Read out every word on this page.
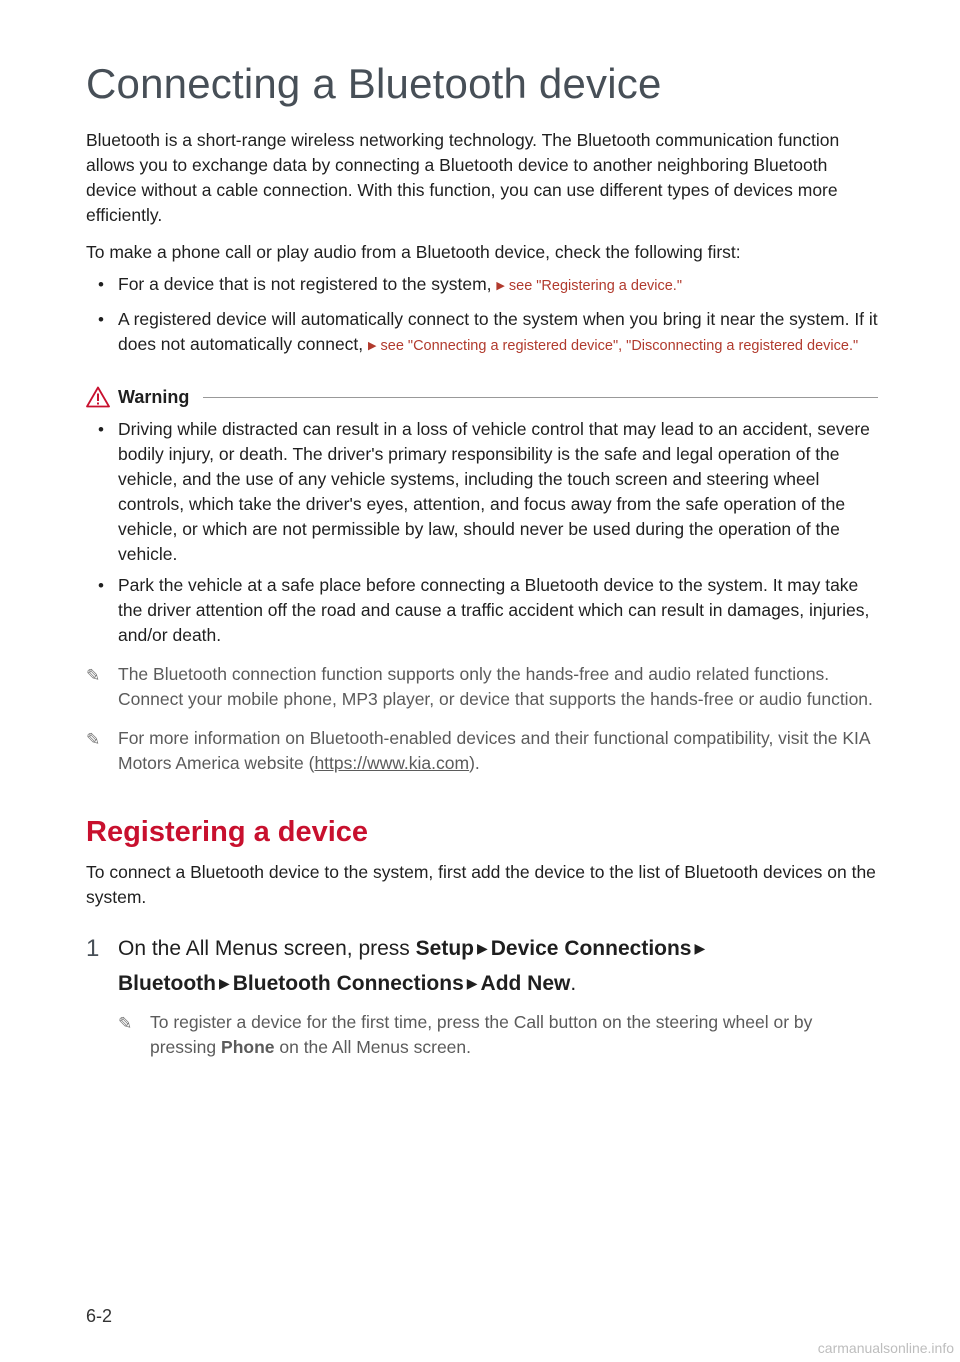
Connecting a Bluetooth device

Bluetooth is a short-range wireless networking technology. The Bluetooth communication function allows you to exchange data by connecting a Bluetooth device to another neighboring Bluetooth device without a cable connection. With this function, you can use different types of devices more efficiently.

To make a phone call or play audio from a Bluetooth device, check the following first:

• For a device that is not registered to the system, ▶ see "Registering a device."
• A registered device will automatically connect to the system when you bring it near the system. If it does not automatically connect, ▶ see "Connecting a registered device", "Disconnecting a registered device."
Warning
• Driving while distracted can result in a loss of vehicle control that may lead to an accident, severe bodily injury, or death. The driver's primary responsibility is the safe and legal operation of the vehicle, and the use of any vehicle systems, including the touch screen and steering wheel controls, which take the driver's eyes, attention, and focus away from the safe operation of the vehicle, or which are not permissible by law, should never be used during the operation of the vehicle.
• Park the vehicle at a safe place before connecting a Bluetooth device to the system. It may take the driver attention off the road and cause a traffic accident which can result in damages, injuries, and/or death.
✎ The Bluetooth connection function supports only the hands-free and audio related functions. Connect your mobile phone, MP3 player, or device that supports the hands-free or audio function.
✎ For more information on Bluetooth-enabled devices and their functional compatibility, visit the KIA Motors America website (https://www.kia.com).
Registering a device

To connect a Bluetooth device to the system, first add the device to the list of Bluetooth devices on the system.

1 On the All Menus screen, press Setup ▶ Device Connections ▶
Bluetooth ▶ Bluetooth Connections ▶ Add New.
✎ To register a device for the first time, press the Call button on the steering wheel or by pressing Phone on the All Menus screen.
6-2
carmanualsonline.info
